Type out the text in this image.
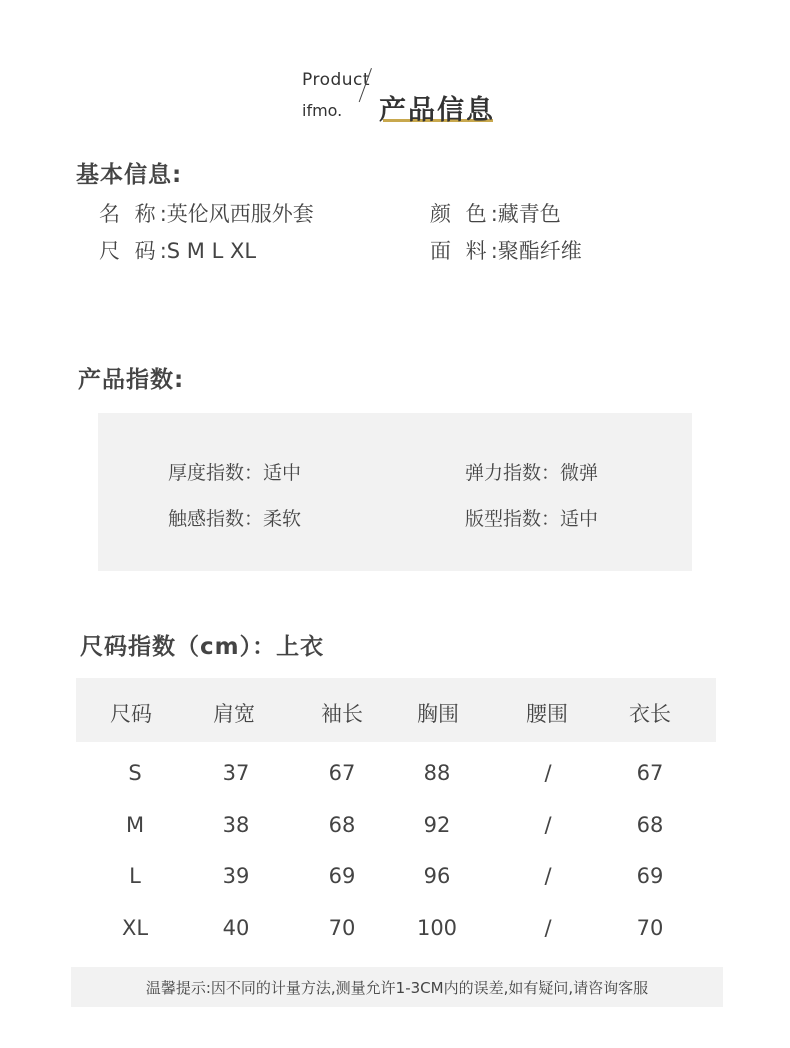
Product
ifmo. 产品信息
基本信息:
名 称:英伦风西服外套	颜 色:藏青色
尺 码:S M L XL	面 料:聚酯纤维
产品指数:
厚度指数：适中	弹力指数：微弹
触感指数：柔软	版型指数：适中
尺码指数（cm）：上衣
尺码	肩宽	袖长	胸围	腰围	衣长
S	37	67	88	/	67
M	38	68	92	/	68
L	39	69	96	/	69
XL	40	70	100	/	70
温馨提示:因不同的计量方法,测量允许1-3CM内的误差,如有疑问,请咨询客服
